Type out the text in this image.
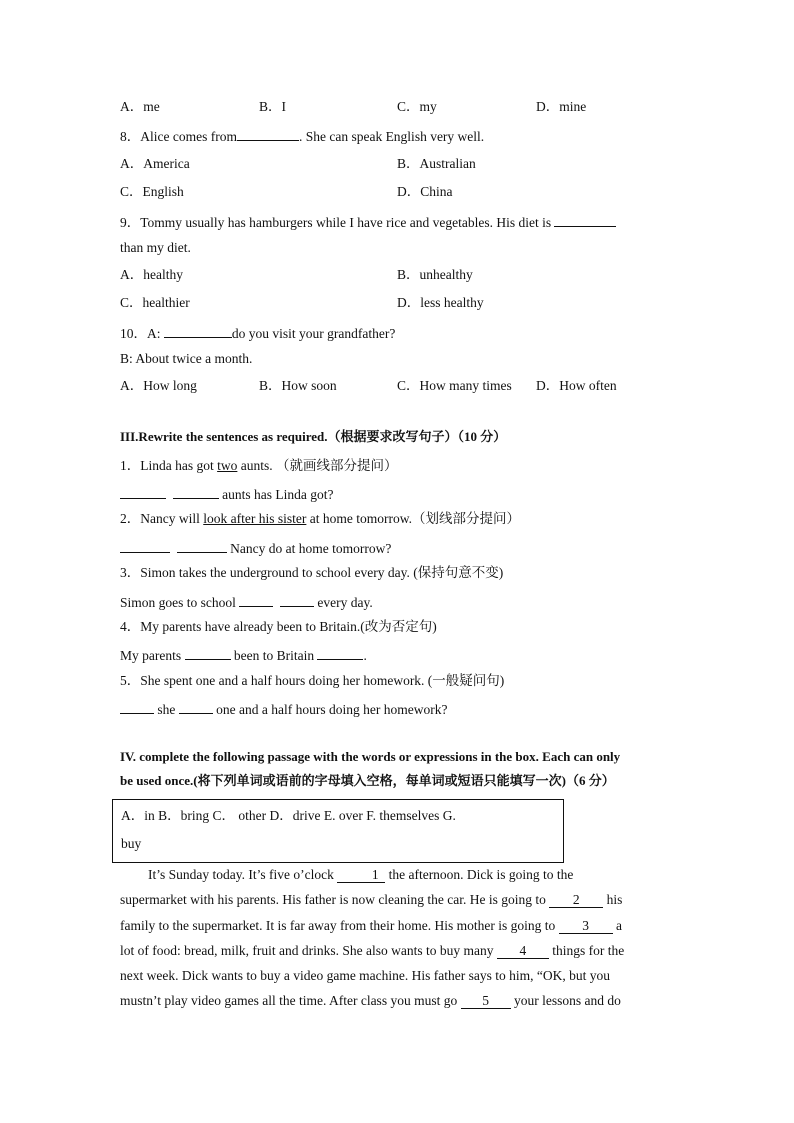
A．me	B．I	C．my	D．mine
8．Alice comes from	. She can speak English very well.
A．America	B．Australian
C．English	D．China
9．Tommy usually has hamburgers while I have rice and vegetables. His diet is
than my diet.
A．healthy	B．unhealthy
C．healthier	D．less healthy
10．A:	do you visit your grandfather?
B: About twice a month.
A．How long	B．How soon	C．How many times D．How often
III.Rewrite the sentences as required.（根据要求改写句子）（10 分）
1．Linda has got two aunts. （就画线部分提问）
aunts has Linda got?
2．Nancy will look after his sister at home tomorrow.（划线部分提问）
Nancy do at home tomorrow?
3．Simon takes the underground to school every day. (保持句意不变)
Simon goes to school	every day.
4．My parents have already been to Britain.(改为否定句)
My parents	been to Britain	.
5．She spent one and a half hours doing her homework. (一般疑问句)
she	one and a half hours doing her homework?
IV. complete the following passage with the words or expressions in the box. Each can only
be used once.(将下列单词或语前的字母填入空格，每单词或短语只能填写一次)（6 分）
A．in B．bring C． other D．drive E. over F. themselves G.
buy
It’s Sunday today. It’s five o’clock	1 the afternoon. Dick is going to the
supermarket with his parents. His father is now cleaning the car. He is going to 2 his
family to the supermarket. It is far away from their home. His mother is going to 3 a
lot of food: bread, milk, fruit and drinks. She also wants to buy many 4 things for the
next week. Dick wants to buy a video game machine. His father says to him, “OK, but you
mustn’t play video games all the time. After class you must go 5 your lessons and do
